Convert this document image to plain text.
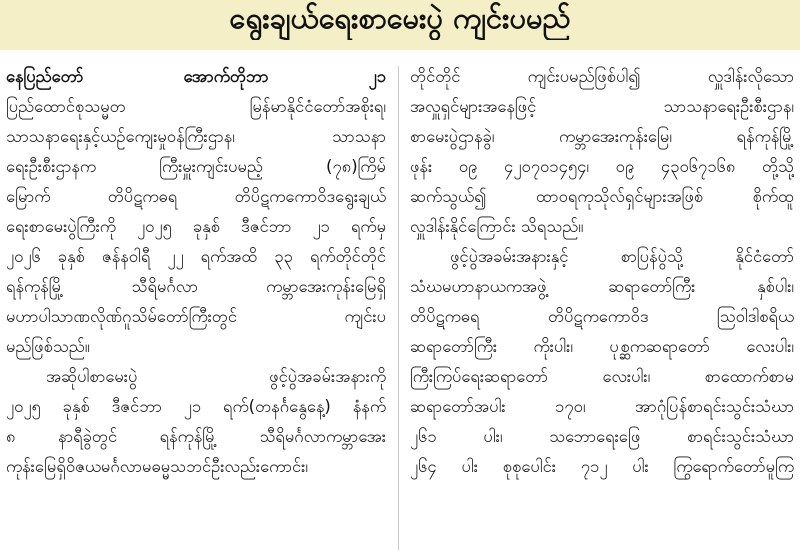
ရွေးချယ်ရေးစာမေးပွဲ ကျင်းပမည်
နေပြည်တော် အောက်တိုဘာ ၂၁
ပြည်ထောင်စုသမ္မတ မြန်မာနိုင်ငံတော်အစိုးရ၊
သာသနာရေးနှင့်ယဉ်ကျေးမှုဝန်ကြီးဌာန၊ သာသနာ
ရေးဦးစီးဌာနက ကြီးမှူးကျင်းပမည့် (၇၈)ကြိမ်
မြောက် တိပိဋကဓရ တိပိဋကကောဝိဒရွေးချယ်
ရေးစာမေးပွဲကြီးကို ၂၀၂၅ ခုနှစ် ဒီဇင်ဘာ ၂၁ ရက်မှ
၂၀၂၆ ခုနှစ် ဇန်နဝါရီ ၂၂ ရက်အထိ ၃၃ ရက်တိုင်တိုင်
ရန်ကုန်မြို့ သီရိမင်္ဂလာ ကမ္ဘာအေးကုန်းမြေရှိ
မဟာပါသာဏလိုဏ်ဂူသိမ်တော်ကြီးတွင် ကျင်းပ
မည်ဖြစ်သည်။
အဆိုပါစာမေးပွဲ ဖွင့်ပွဲအခမ်းအနားကို
၂၀၂၅ ခုနှစ် ဒီဇင်ဘာ ၂၁ ရက်(တနင်္ဂနွေနေ့) နံနက်
၈ နာရီခွဲတွင် ရန်ကုန်မြို့ သီရိမင်္ဂလာကမ္ဘာအေး
ကုန်းမြေရှိဝိဇယမင်္ဂလာမဓမ္မသဘင်ဦးလည်းကောင်း၊
တိုင်တိုင် ကျင်းပမည်ဖြစ်ပါ၍ လှူဒါန်းလိုသော
အလှူရှင်များအနေဖြင့် သာသနာရေးဦးစီးဌာန၊
စာမေးပွဲဌာနခွဲ၊ ကမ္ဘာအေးကုန်းမြေ၊ ရန်ကုန်မြို့
ဖုန်း ၀၉ ၄၂၀၇၀၁၄၅၄၊ ၀၉ ၄၃၀၆၇၁၆၈ တို့သို့
ဆက်သွယ်၍ ထာဝရကုသိုလ်ရှင်များအဖြစ် စိုက်ထူ
လှူဒါန်းနိုင်ကြောင်း သိရသည်။
ဖွင့်ပွဲအခမ်းအနားနှင့် စာပြန်ပွဲသို့ နိုင်ငံတော်
သံဃမဟာနာယကအဖွဲ့ ဆရာတော်ကြီး နှစ်ပါး၊
တိပိဋကဓရ တိပိဋကကောဝိဒ ဩဝါဒါစရိယ
ဆရာတော်ကြီး ကိုးပါး၊ ပုစ္ဆကဆရာတော် လေးပါး၊
ကြီးကြပ်ရေးဆရာတော် လေးပါး၊ စာထောက်စာမ
ဆရာတော်အပါး ၁၇၀၊ အာဂုံပြန်စာရင်းသွင်းသံဃာ
၂၆၁ ပါး၊ သဘောရေးဖြေ စာရင်းသွင်းသံဃာ
၂၆၄ ပါး စုစုပေါင်း ၇၁၂ ပါး ကြွရောက်တော်မူကြ
